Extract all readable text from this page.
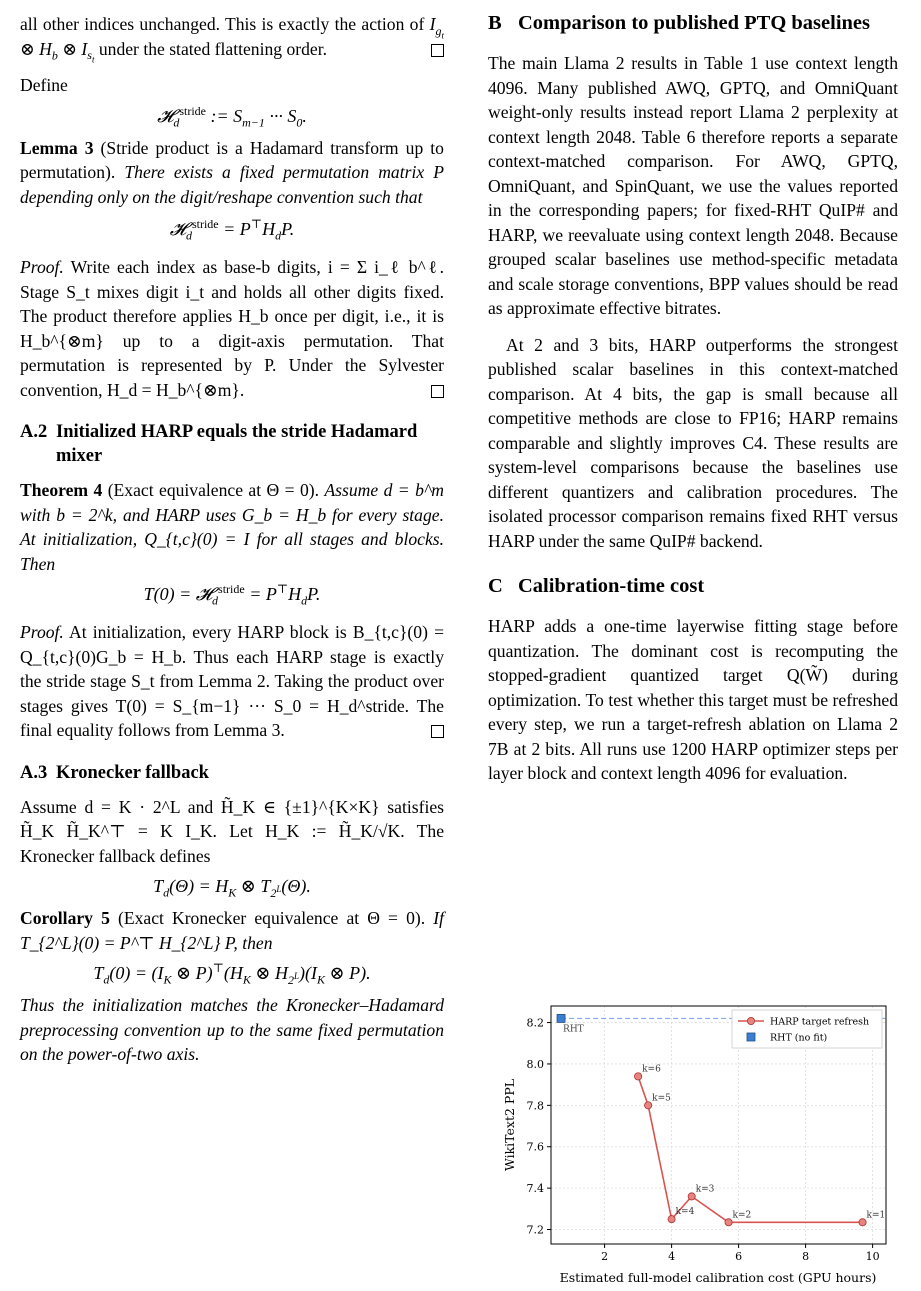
all other indices unchanged. This is exactly the action of $I_{g_t}$ ⊗ $H_b$ ⊗ $I_{s_t}$ under the stated flattening order.

Define

𝓗$_d^{stride}$ := $S_{m-1}$ ··· $S_0$.

Lemma 3 (Stride product is a Hadamard transform up to permutation). There exists a fixed permutation matrix P depending only on the digit/reshape convention such that

𝓗$_d^{stride}$ = $P^⊤H_dP$.

Proof. Write each index as base-b digits, i = Σ i_ℓ b^ℓ. Stage S_t mixes digit i_t and holds all other digits fixed. The product therefore applies H_b once per digit, i.e., it is H_b^{⊗m} up to a digit-axis permutation. That permutation is represented by P. Under the Sylvester convention, H_d = H_b^{⊗m}.

A.2 Initialized HARP equals the stride Hadamard mixer

Theorem 4 (Exact equivalence at Θ = 0). Assume d = b^m with b = 2^k, and HARP uses G_b = H_b for every stage. At initialization, Q_{t,c}(0) = I for all stages and blocks. Then

T(0) = 𝓗$_d^{stride}$ = $P^⊤H_dP$.

Proof. At initialization, every HARP block is B_{t,c}(0) = Q_{t,c}(0)G_b = H_b. Thus each HARP stage is exactly the stride stage S_t from Lemma 2. Taking the product over stages gives T(0) = S_{m−1} ··· S_0 = H_d^stride. The final equality follows from Lemma 3.

A.3 Kronecker fallback

Assume d = K · 2^L and H̃_K ∈ {±1}^{K×K} satisfies H̃_K H̃_K^⊤ = K I_K. Let H_K := H̃_K/√K. The Kronecker fallback defines

$T_d(\Theta) = H_K$ ⊗ $T_{2^L}(\Theta)$.

Corollary 5 (Exact Kronecker equivalence at Θ = 0). If T_{2^L}(0) = P^⊤ H_{2^L} P, then

$T_d(0) = (I_K$ ⊗ $P)^⊤(H_K$ ⊗ $H_{2^L})(I_K$ ⊗ P).

Thus the initialization matches the Kronecker–Hadamard preprocessing convention up to the same fixed permutation on the power-of-two axis.

B Comparison to published PTQ baselines

The main Llama 2 results in Table 1 use context length 4096. Many published AWQ, GPTQ, and OmniQuant weight-only results instead report Llama 2 perplexity at context length 2048. Table 6 therefore reports a separate context-matched comparison. For AWQ, GPTQ, OmniQuant, and SpinQuant, we use the values reported in the corresponding papers; for fixed-RHT QuIP# and HARP, we reevaluate using context length 2048. Because grouped scalar baselines use method-specific metadata and scale storage conventions, BPP values should be read as approximate effective bitrates.

At 2 and 3 bits, HARP outperforms the strongest published scalar baselines in this context-matched comparison. At 4 bits, the gap is small because all competitive methods are close to FP16; HARP remains comparable and slightly improves C4. These results are system-level comparisons because the baselines use different quantizers and calibration procedures. The isolated processor comparison remains fixed RHT versus HARP under the same QuIP# backend.

C Calibration-time cost

HARP adds a one-time layerwise fitting stage before quantization. The dominant cost is recomputing the stopped-gradient quantized target Q(W̃) during optimization. To test whether this target must be refreshed every step, we run a target-refresh ablation on Llama 2 7B at 2 bits. All runs use 1200 HARP optimizer steps per layer block and context length 4096 for evaluation.

2	4	6	8	10
7.2
7.4
7.6
7.8
8.0
8.2 RHT
k=6
k=5
k=4
k=3
k=2	k=1
HARP target refresh
RHT (no fit)
Estimated full-model calibration cost (GPU hours)
WikiText2 PPL
